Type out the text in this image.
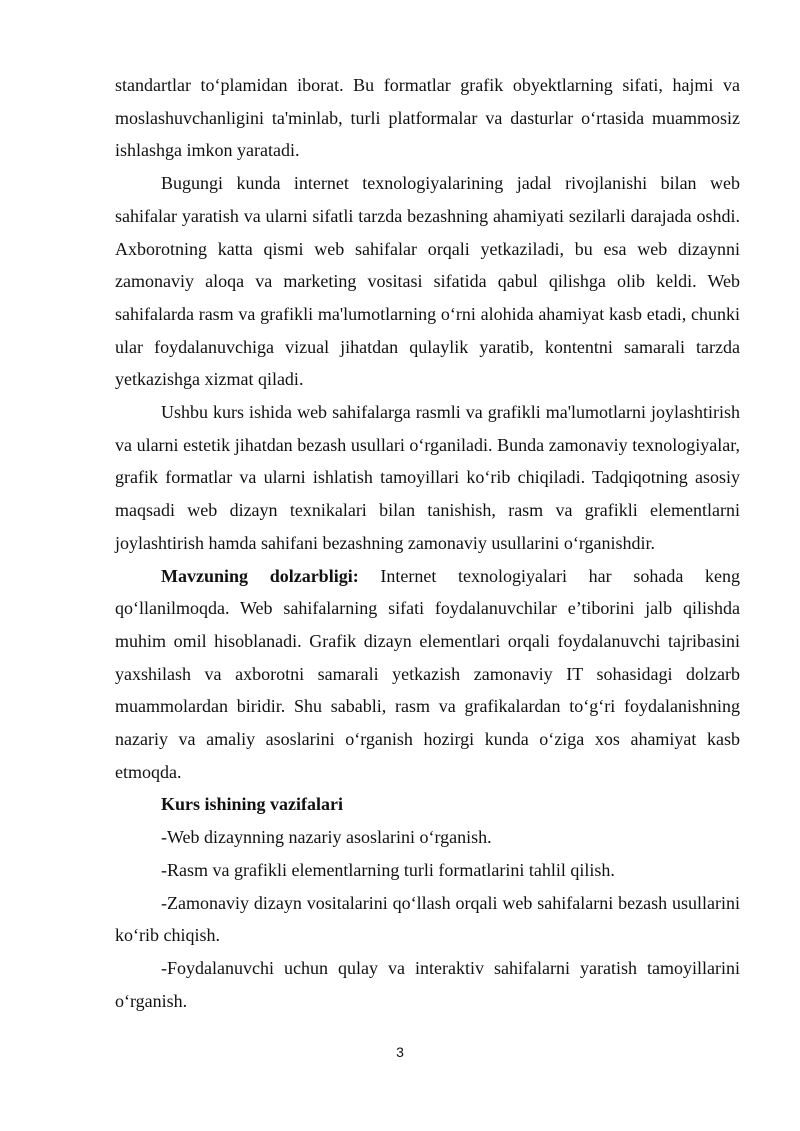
standartlar to‘plamidan iborat. Bu formatlar grafik obyektlarning sifati, hajmi va moslashuvchanligini ta'minlab, turli platformalar va dasturlar o‘rtasida muammosiz ishlashga imkon yaratadi.

Bugungi kunda internet texnologiyalarining jadal rivojlanishi bilan web sahifalar yaratish va ularni sifatli tarzda bezashning ahamiyati sezilarli darajada oshdi. Axborotning katta qismi web sahifalar orqali yetkaziladi, bu esa web dizaynni zamonaviy aloqa va marketing vositasi sifatida qabul qilishga olib keldi. Web sahifalarda rasm va grafikli ma'lumotlarning o‘rni alohida ahamiyat kasb etadi, chunki ular foydalanuvchiga vizual jihatdan qulaylik yaratib, kontentni samarali tarzda yetkazishga xizmat qiladi.

Ushbu kurs ishida web sahifalarga rasmli va grafikli ma'lumotlarni joylashtirish va ularni estetik jihatdan bezash usullari o‘rganiladi. Bunda zamonaviy texnologiyalar, grafik formatlar va ularni ishlatish tamoyillari ko‘rib chiqiladi. Tadqiqotning asosiy maqsadi web dizayn texnikalari bilan tanishish, rasm va grafikli elementlarni joylashtirish hamda sahifani bezashning zamonaviy usullarini o‘rganishdir.

Mavzuning dolzarbligi: Internet texnologiyalari har sohada keng qo‘llanilmoqda. Web sahifalarning sifati foydalanuvchilar e’tiborini jalb qilishda muhim omil hisoblanadi. Grafik dizayn elementlari orqali foydalanuvchi tajribasini yaxshilash va axborotni samarali yetkazish zamonaviy IT sohasidagi dolzarb muammolardan biridir. Shu sababli, rasm va grafikalardan to‘g‘ri foydalanishning nazariy va amaliy asoslarini o‘rganish hozirgi kunda o‘ziga xos ahamiyat kasb etmoqda.

Kurs ishining vazifalari

-Web dizaynning nazariy asoslarini o‘rganish.

-Rasm va grafikli elementlarning turli formatlarini tahlil qilish.

-Zamonaviy dizayn vositalarini qo‘llash orqali web sahifalarni bezash usullarini ko‘rib chiqish.

-Foydalanuvchi uchun qulay va interaktiv sahifalarni yaratish tamoyillarini o‘rganish.

3
